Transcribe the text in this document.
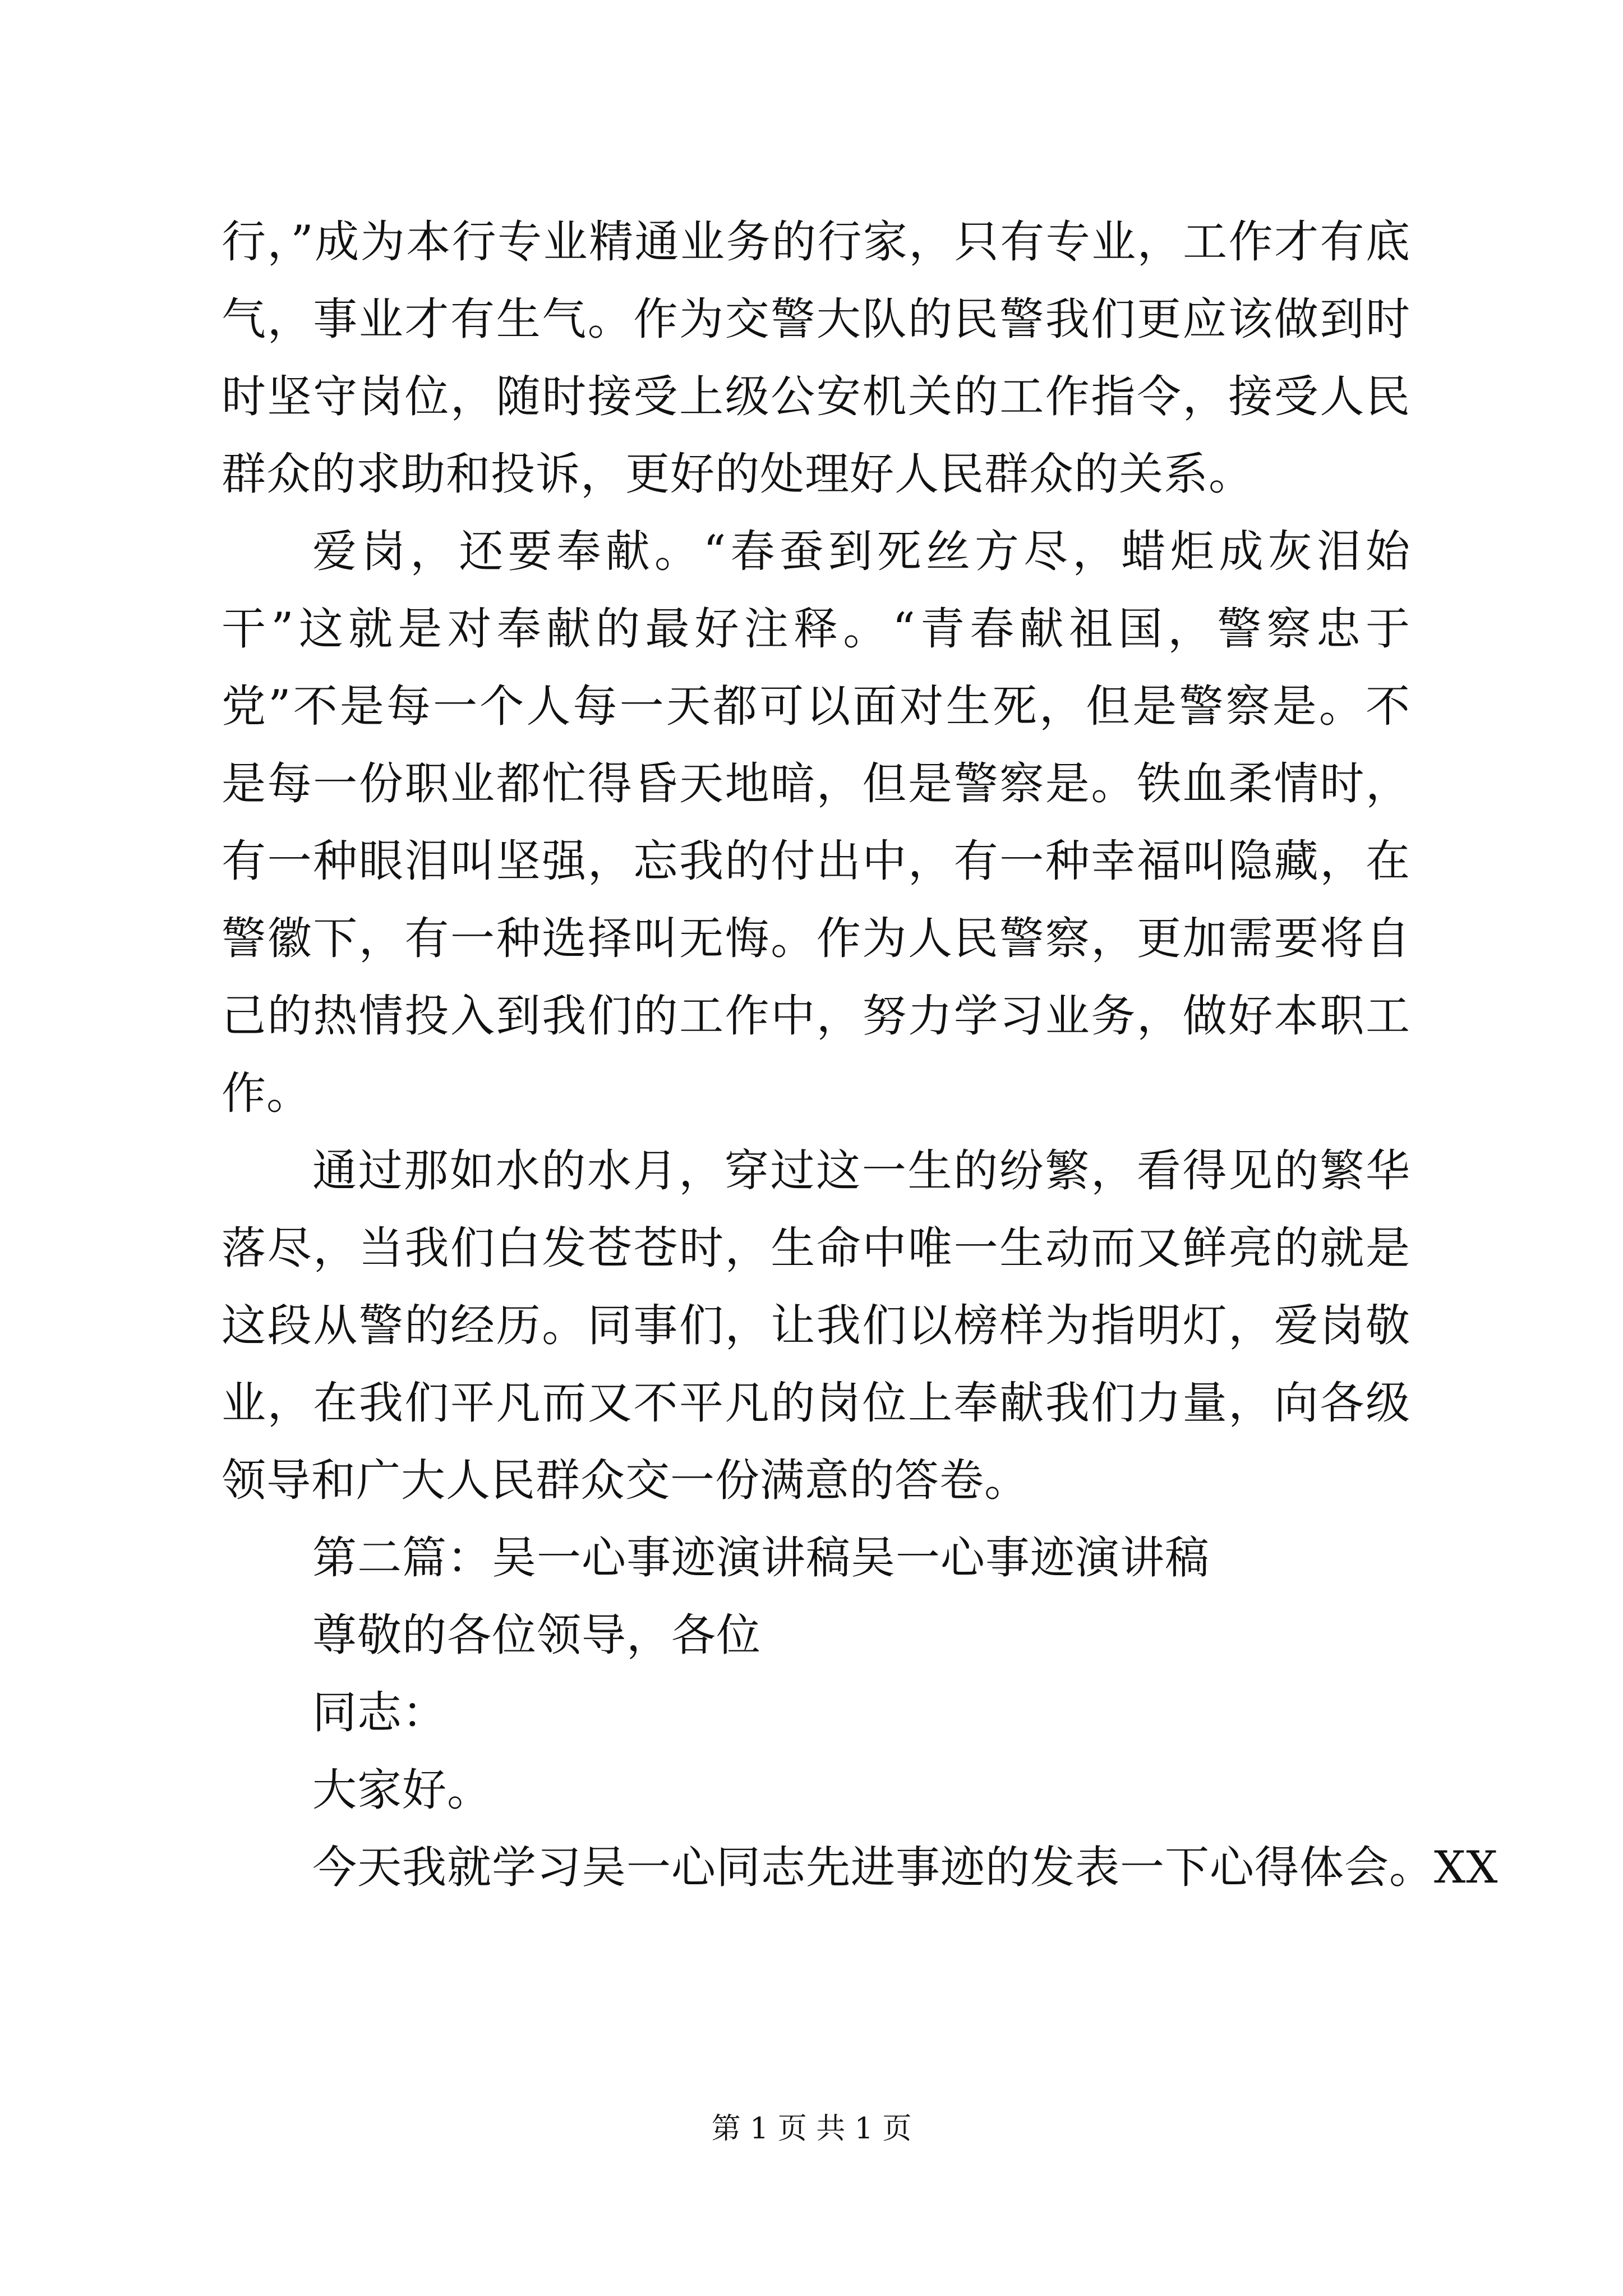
行，”成为本行专业精通业务的行家，只有专业，工作才有底气，事业才有生气。作为交警大队的民警我们更应该做到时时坚守岗位，随时接受上级公安机关的工作指令，接受人民群众的求助和投诉，更好的处理好人民群众的关系。

爱岗，还要奉献。“春蚕到死丝方尽，蜡炬成灰泪始干”这就是对奉献的最好注释。“青春献祖国，警察忠于党”不是每一个人每一天都可以面对生死，但是警察是。不是每一份职业都忙得昏天地暗，但是警察是。铁血柔情时，有一种眼泪叫坚强，忘我的付出中，有一种幸福叫隐藏，在警徽下，有一种选择叫无悔。作为人民警察，更加需要将自己的热情投入到我们的工作中，努力学习业务，做好本职工作。

通过那如水的水月，穿过这一生的纷繁，看得见的繁华落尽，当我们白发苍苍时，生命中唯一生动而又鲜亮的就是这段从警的经历。同事们，让我们以榜样为指明灯，爱岗敬业，在我们平凡而又不平凡的岗位上奉献我们力量，向各级领导和广大人民群众交一份满意的答卷。

第二篇：吴一心事迹演讲稿吴一心事迹演讲稿

尊敬的各位领导，各位

同志：

大家好。

今天我就学习吴一心同志先进事迹的发表一下心得体会。XX

第 1 页 共 1 页
